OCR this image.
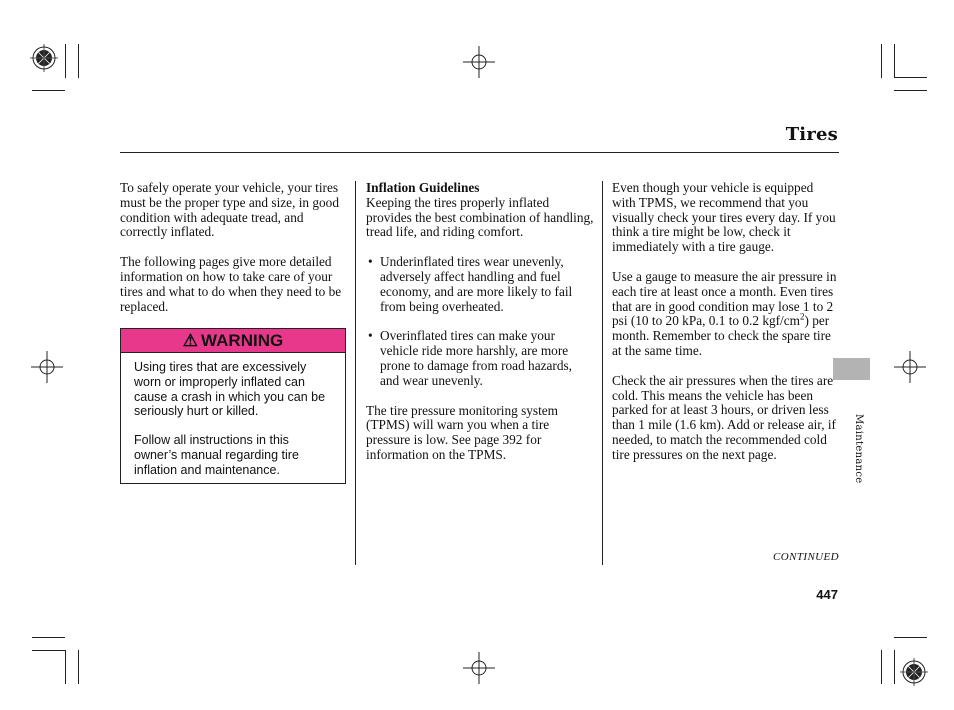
Tires

To safely operate your vehicle, your tires must be the proper type and size, in good condition with adequate tread, and correctly inflated.

The following pages give more detailed information on how to take care of your tires and what to do when they need to be replaced.

⚠ WARNING

Using tires that are excessively worn or improperly inflated can cause a crash in which you can be seriously hurt or killed.

Follow all instructions in this owner’s manual regarding tire inflation and maintenance.

Inflation Guidelines
Keeping the tires properly inflated provides the best combination of handling, tread life, and riding comfort.

• Underinflated tires wear unevenly, adversely affect handling and fuel economy, and are more likely to fail from being overheated.
• Overinflated tires can make your vehicle ride more harshly, are more prone to damage from road hazards, and wear unevenly.

The tire pressure monitoring system (TPMS) will warn you when a tire pressure is low. See page 392 for information on the TPMS.

Even though your vehicle is equipped with TPMS, we recommend that you visually check your tires every day. If you think a tire might be low, check it immediately with a tire gauge.

Use a gauge to measure the air pressure in each tire at least once a month. Even tires that are in good condition may lose 1 to 2 psi (10 to 20 kPa, 0.1 to 0.2 kgf/$cm^2$) per month. Remember to check the spare tire at the same time.

Check the air pressures when the tires are cold. This means the vehicle has been parked for at least 3 hours, or driven less than 1 mile (1.6 km). Add or release air, if needed, to match the recommended cold tire pressures on the next page.	Maintenance
CONTINUED
447
